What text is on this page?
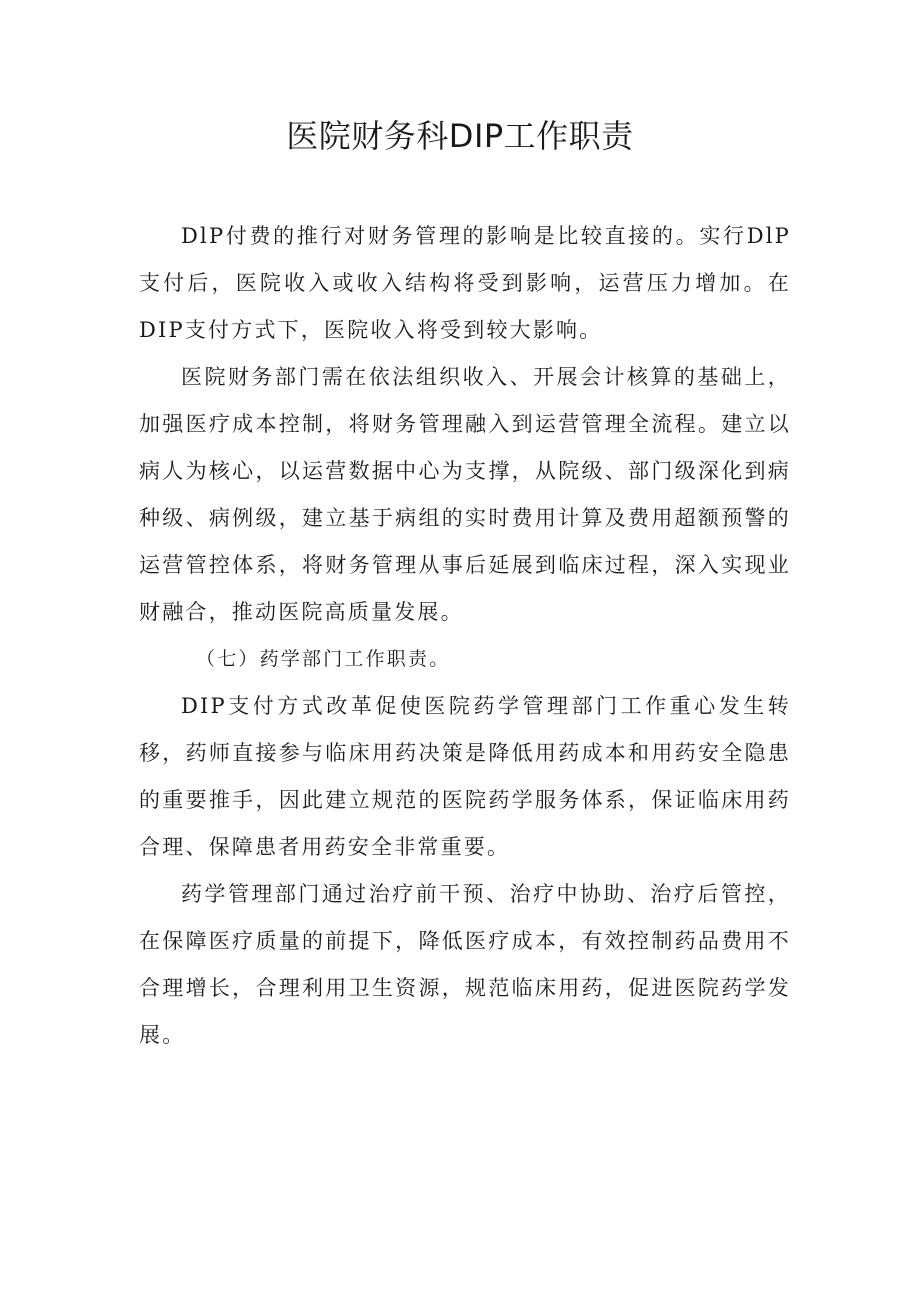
医院财务科DIP工作职责

DlP付费的推行对财务管理的影响是比较直接的。实行DlP支付后，医院收入或收入结构将受到影响，运营压力增加。在DIP支付方式下，医院收入将受到较大影响。

医院财务部门需在依法组织收入、开展会计核算的基础上，加强医疗成本控制，将财务管理融入到运营管理全流程。建立以病人为核心，以运营数据中心为支撑，从院级、部门级深化到病种级、病例级，建立基于病组的实时费用计算及费用超额预警的运营管控体系，将财务管理从事后延展到临床过程，深入实现业财融合，推动医院高质量发展。

（七）药学部门工作职责。

DIP支付方式改革促使医院药学管理部门工作重心发生转移，药师直接参与临床用药决策是降低用药成本和用药安全隐患的重要推手，因此建立规范的医院药学服务体系，保证临床用药合理、保障患者用药安全非常重要。

药学管理部门通过治疗前干预、治疗中协助、治疗后管控，在保障医疗质量的前提下，降低医疗成本，有效控制药品费用不合理增长，合理利用卫生资源，规范临床用药，促进医院药学发展。
